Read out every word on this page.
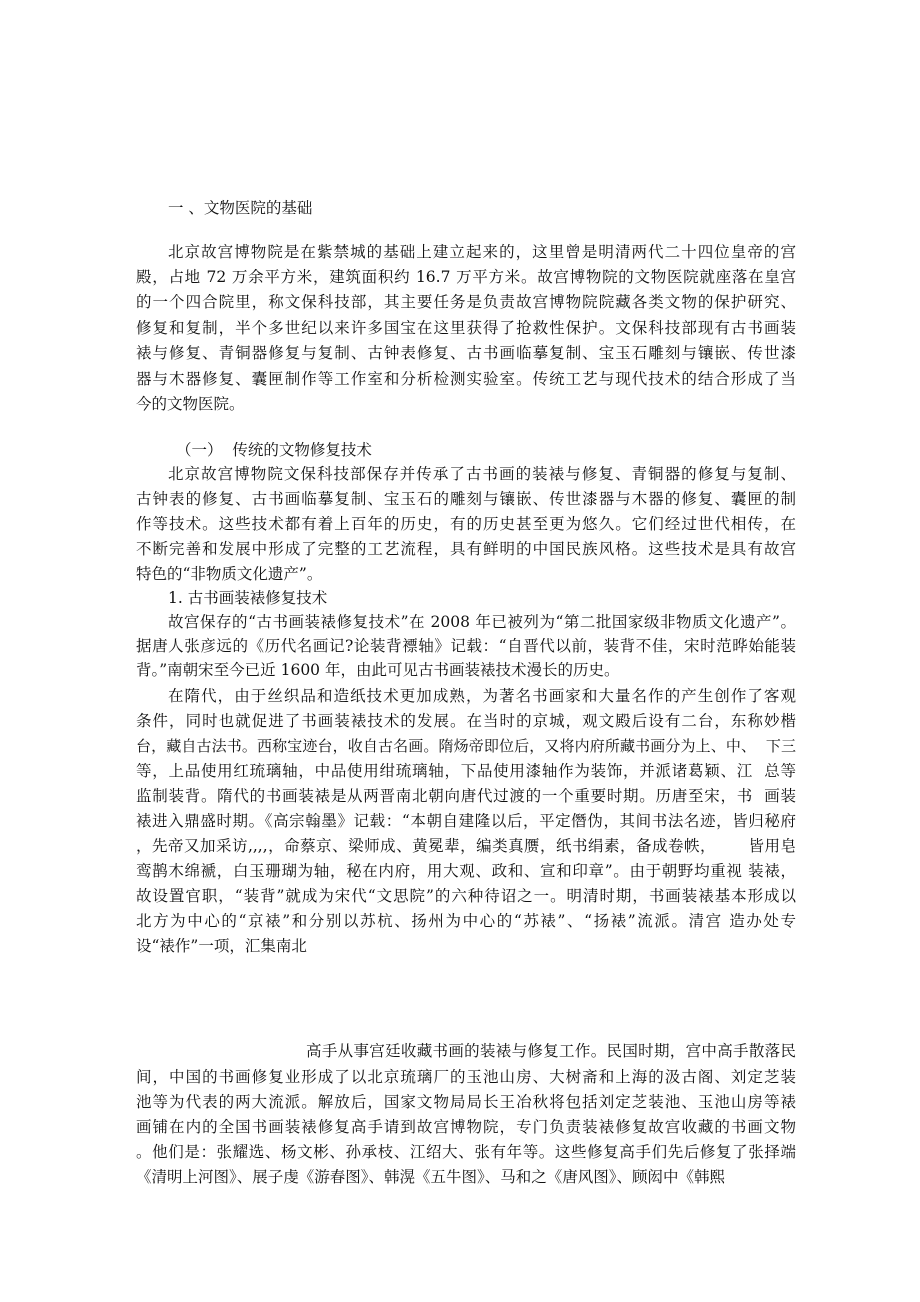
一 、文物医院的基础
北京故宫博物院是在紫禁城的基础上建立起来的，这里曾是明清两代二十四位皇帝的宫
殿，占地 72 万余平方米，建筑面积约 16.7 万平方米。故宫博物院的文物医院就座落在皇宫
的一个四合院里，称文保科技部，其主要任务是负责故宫博物院院藏各类文物的保护研究、
修复和复制，半个多世纪以来许多国宝在这里获得了抢救性保护。文保科技部现有古书画装
裱与修复、青铜器修复与复制、古钟表修复、古书画临摹复制、宝玉石雕刻与镶嵌、传世漆
器与木器修复、囊匣制作等工作室和分析检测实验室。传统工艺与现代技术的结合形成了当
今的文物医院。
（一）  传统的文物修复技术
北京故宫博物院文保科技部保存并传承了古书画的装裱与修复、青铜器的修复与复制、
古钟表的修复、古书画临摹复制、宝玉石的雕刻与镶嵌、传世漆器与木器的修复、囊匣的制
作等技术。这些技术都有着上百年的历史，有的历史甚至更为悠久。它们经过世代相传，在
不断完善和发展中形成了完整的工艺流程，具有鲜明的中国民族风格。这些技术是具有故宫
特色的“非物质文化遗产”。
1. 古书画装裱修复技术
故宫保存的“古书画装裱修复技术”在 2008 年已被列为“第二批国家级非物质文化遗产”。
据唐人张彦远的《历代名画记?论装背褾轴》记载：“自晋代以前，装背不佳，宋时范晔始能装
背。”南朝宋至今已近 1600 年，由此可见古书画装裱技术漫长的历史。
在隋代，由于丝织品和造纸技术更加成熟，为著名书画家和大量名作的产生创作了客观
条件，同时也就促进了书画装裱技术的发展。在当时的京城，观文殿后设有二台，东称妙楷
台，藏自古法书。西称宝迹台，收自古名画。隋炀帝即位后，又将内府所藏书画分为上、中、  下三
等，上品使用红琉璃轴，中品使用绀琉璃轴，下品使用漆轴作为装饰，并派诸葛颖、江  总等
监制装背。隋代的书画装裱是从两晋南北朝向唐代过渡的一个重要时期。历唐至宋，书  画装
裱进入鼎盛时期。《高宗翰墨》记载：“本朝自建隆以后，平定僭伪，其间书法名迹，皆归秘府
，先帝又加采访,,,,，命蔡京、梁师成、黄冕辈，编类真赝，纸书绢素，备成卷帙，      皆用皂
鸾鹊木绵褫，白玉珊瑚为轴，秘在内府，用大观、政和、宣和印章”。由于朝野均重视 装裱，
故设置官职，“装背”就成为宋代“文思院”的六种待诏之一。明清时期，书画装裱基本形成以
北方为中心的“京裱”和分别以苏杭、扬州为中心的“苏裱”、“扬裱”流派。清宫 造办处专
设“裱作”一项，汇集南北
高手从事宫廷收藏书画的装裱与修复工作。民国时期，宫中高手散落民
间，中国的书画修复业形成了以北京琉璃厂的玉池山房、大树斋和上海的汲古阁、刘定芝装
池等为代表的两大流派。解放后，国家文物局局长王冶秋将包括刘定芝装池、玉池山房等裱
画铺在内的全国书画装裱修复高手请到故宫博物院，专门负责装裱修复故宫收藏的书画文物
。他们是：张耀选、杨文彬、孙承枝、江绍大、张有年等。这些修复高手们先后修复了张择端
《清明上河图》、展子虔《游春图》、韩滉《五牛图》、马和之《唐风图》、顾闳中《韩熙
